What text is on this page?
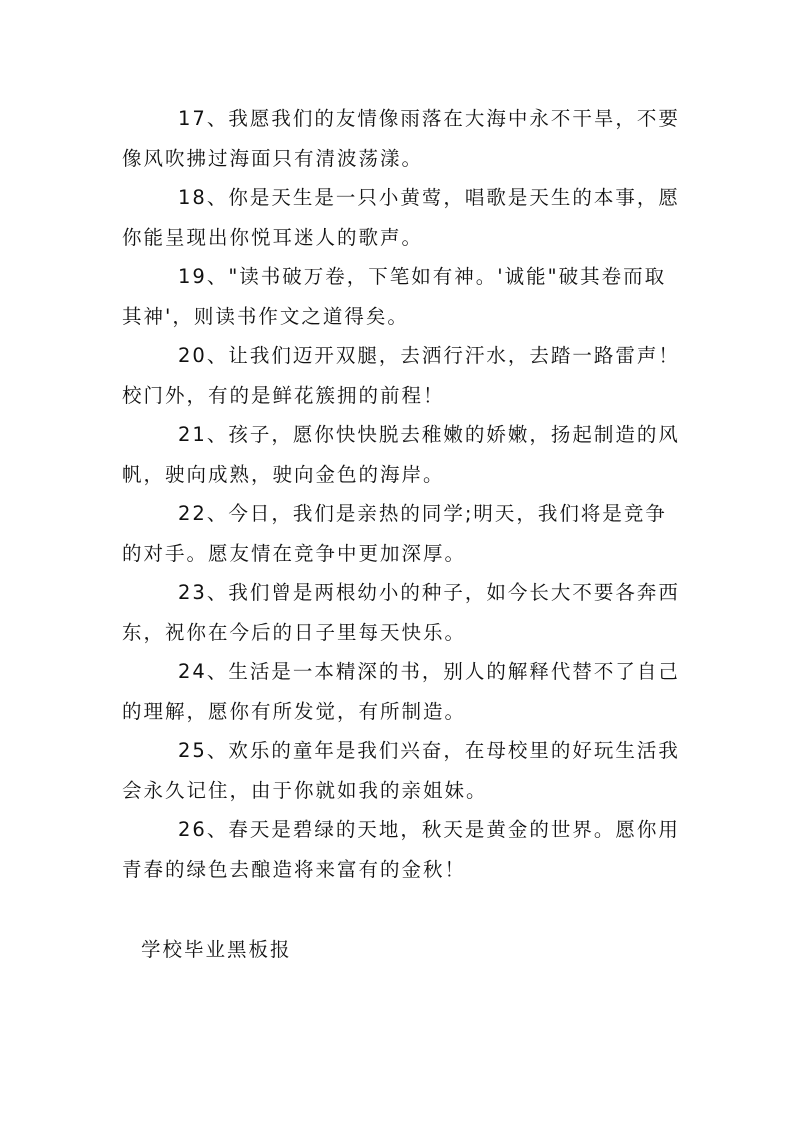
17、我愿我们的友情像雨落在大海中永不干旱，不要
像风吹拂过海面只有清波荡漾。

18、你是天生是一只小黄莺，唱歌是天生的本事，愿
你能呈现出你悦耳迷人的歌声。

19、"读书破万卷，下笔如有神。'诚能"破其卷而取
其神'，则读书作文之道得矣。

20、让我们迈开双腿，去洒行汗水，去踏一路雷声！
校门外，有的是鲜花簇拥的前程！

21、孩子，愿你快快脱去稚嫩的娇嫩，扬起制造的风
帆，驶向成熟，驶向金色的海岸。

22、今日，我们是亲热的同学;明天，我们将是竞争
的对手。愿友情在竞争中更加深厚。

23、我们曾是两根幼小的种子，如今长大不要各奔西
东，祝你在今后的日子里每天快乐。

24、生活是一本精深的书，别人的解释代替不了自己
的理解，愿你有所发觉，有所制造。

25、欢乐的童年是我们兴奋，在母校里的好玩生活我
会永久记住，由于你就如我的亲姐妹。

26、春天是碧绿的天地，秋天是黄金的世界。愿你用
青春的绿色去酿造将来富有的金秋！

学校毕业黑板报
